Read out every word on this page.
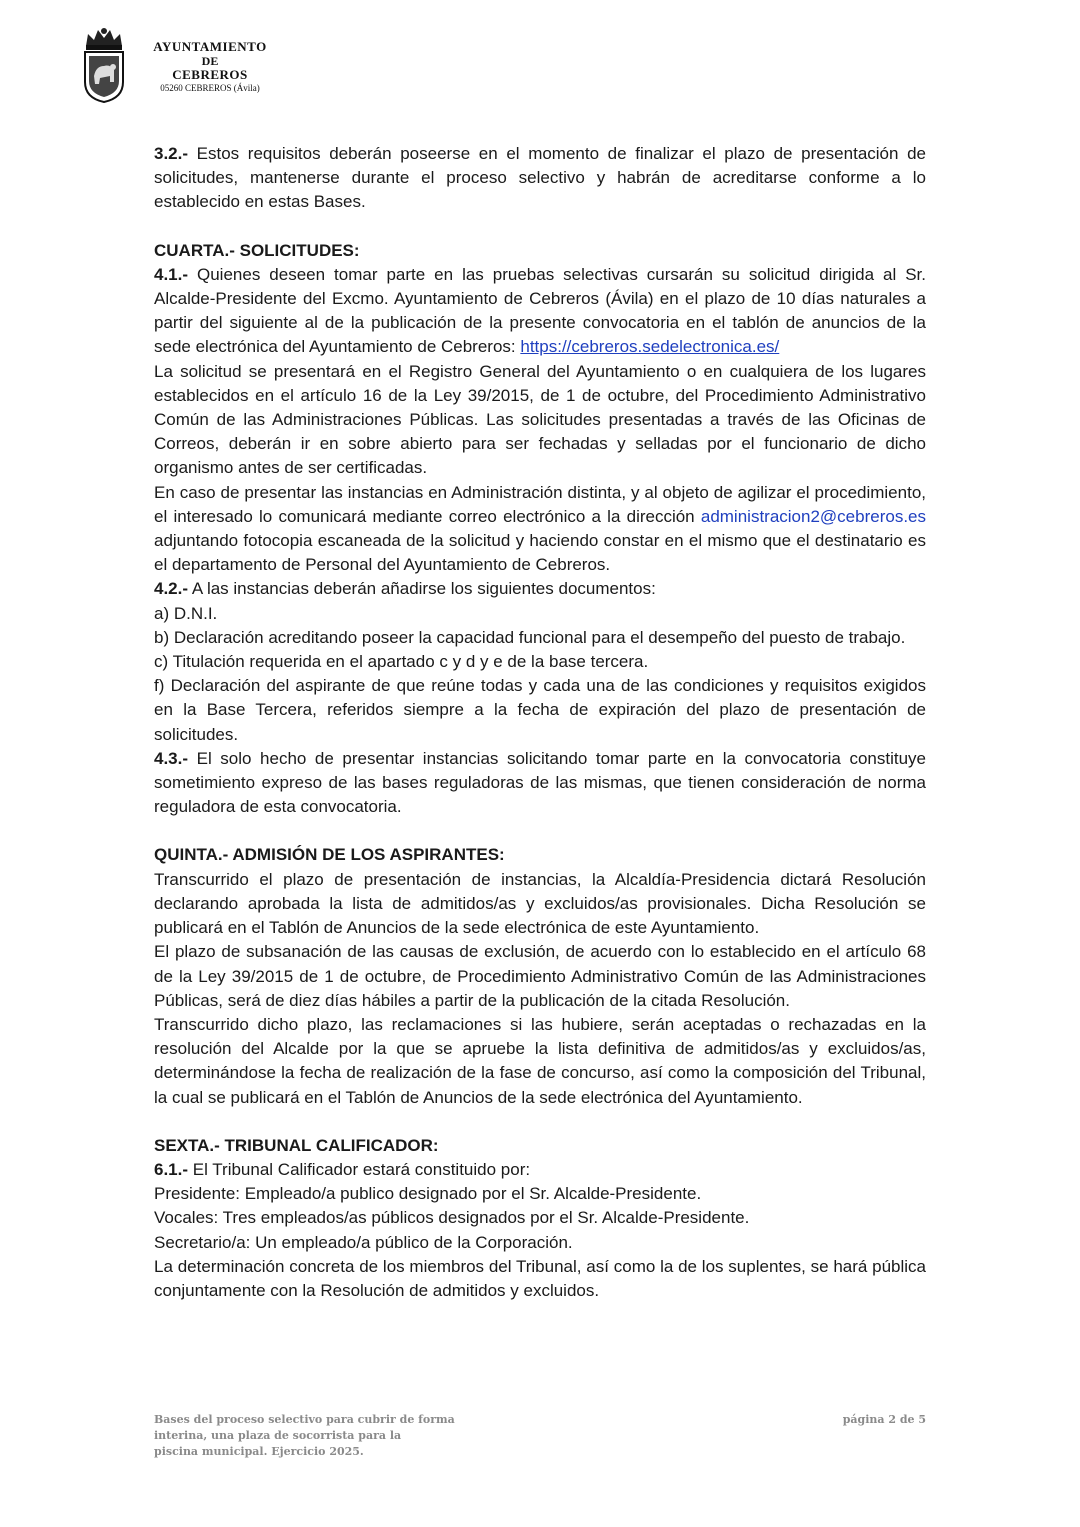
AYUNTAMIENTO
DE
CEBREROS
05260 CEBREROS (Ávila)

3.2.- Estos requisitos deberán poseerse en el momento de finalizar el plazo de presentación de solicitudes, mantenerse durante el proceso selectivo y habrán de acreditarse conforme a lo establecido en estas Bases.

CUARTA.- SOLICITUDES:

4.1.- Quienes deseen tomar parte en las pruebas selectivas cursarán su solicitud dirigida al Sr. Alcalde-Presidente del Excmo. Ayuntamiento de Cebreros (Ávila) en el plazo de 10 días naturales a partir del siguiente al de la publicación de la presente convocatoria en el tablón de anuncios de la sede electrónica del Ayuntamiento de Cebreros: https://cebreros.sedelectronica.es/

La solicitud se presentará en el Registro General del Ayuntamiento o en cualquiera de los lugares establecidos en el artículo 16 de la Ley 39/2015, de 1 de octubre, del Procedimiento Administrativo Común de las Administraciones Públicas. Las solicitudes presentadas a través de las Oficinas de Correos, deberán ir en sobre abierto para ser fechadas y selladas por el funcionario de dicho organismo antes de ser certificadas.

En caso de presentar las instancias en Administración distinta, y al objeto de agilizar el procedimiento, el interesado lo comunicará mediante correo electrónico a la dirección administracion2@cebreros.es adjuntando fotocopia escaneada de la solicitud y haciendo constar en el mismo que el destinatario es el departamento de Personal del Ayuntamiento de Cebreros.

4.2.- A las instancias deberán añadirse los siguientes documentos:

a) D.N.I.

b) Declaración acreditando poseer la capacidad funcional para el desempeño del puesto de trabajo.

c) Titulación requerida en el apartado c y d y e de la base tercera.

f) Declaración del aspirante de que reúne todas y cada una de las condiciones y requisitos exigidos en la Base Tercera, referidos siempre a la fecha de expiración del plazo de presentación de solicitudes.

4.3.- El solo hecho de presentar instancias solicitando tomar parte en la convocatoria constituye sometimiento expreso de las bases reguladoras de las mismas, que tienen consideración de norma reguladora de esta convocatoria.

QUINTA.- ADMISIÓN DE LOS ASPIRANTES:

Transcurrido el plazo de presentación de instancias, la Alcaldía-Presidencia dictará Resolución declarando aprobada la lista de admitidos/as y excluidos/as provisionales. Dicha Resolución se publicará en el Tablón de Anuncios de la sede electrónica de este Ayuntamiento.

El plazo de subsanación de las causas de exclusión, de acuerdo con lo establecido en el artículo 68 de la Ley 39/2015 de 1 de octubre, de Procedimiento Administrativo Común de las Administraciones Públicas, será de diez días hábiles a partir de la publicación de la citada Resolución.

Transcurrido dicho plazo, las reclamaciones si las hubiere, serán aceptadas o rechazadas en la resolución del Alcalde por la que se apruebe la lista definitiva de admitidos/as y excluidos/as, determinándose la fecha de realización de la fase de concurso, así como la composición del Tribunal, la cual se publicará en el Tablón de Anuncios de la sede electrónica del Ayuntamiento.

SEXTA.- TRIBUNAL CALIFICADOR:

6.1.- El Tribunal Calificador estará constituido por:

Presidente: Empleado/a publico designado por el Sr. Alcalde-Presidente.

Vocales: Tres empleados/as públicos designados por el Sr. Alcalde-Presidente.

Secretario/a: Un empleado/a público de la Corporación.

La determinación concreta de los miembros del Tribunal, así como la de los suplentes, se hará pública conjuntamente con la Resolución de admitidos y excluidos.

Bases del proceso selectivo para cubrir de forma
interina, una plaza de socorrista para la
piscina municipal. Ejercicio 2025.
página 2 de 5
